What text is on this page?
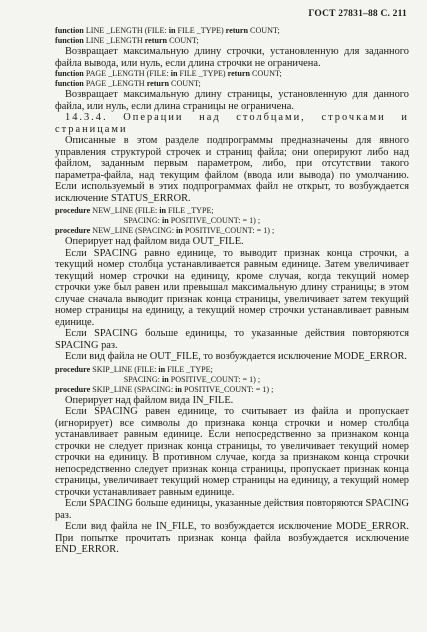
ГОСТ 27831–88 С. 211
function LINE _LENGTH (FILE: in FILE _TYPE) return COUNT;
function LINE _LENGTH return COUNT;

Возвращает максимальную длину строчки, установленную для заданного файла вывода, или нуль, если длина строчки не ограничена.

function PAGE _LENGTH (FILE: in FILE _TYPE) return COUNT;
function PAGE _LENGTH return COUNT;

Возвращает максимальную длину страницы, установленную для данного файла, или нуль, если длина страницы не ограничена.

14.3.4. Операции над столбцами, строчками и страницами

Описанные в этом разделе подпрограммы предназначены для явного управления структурой строчек и страниц файла; они оперируют либо над файлом, заданным первым параметром, либо, при отсутствии такого параметра-файла, над текущим файлом (ввода или вывода) по умолчанию. Если используемый в этих подпрограммах файл не открыт, то возбуждается исключение STATUS_ERROR.

procedure NEW_LINE (FILE: in FILE _TYPE;
SPACING: in POSITIVE_COUNT: = 1) ;
procedure NEW_LINE (SPACING: in POSITIVE_COUNT: = 1) ;

Оперирует над файлом вида OUT_FILE.

Если SPACING равно единице, то выводит признак конца строчки, а текущий номер столбца устанавливается равным единице. Затем увеличивает текущий номер строчки на единицу, кроме случая, когда текущий номер строчки уже был равен или превышал максимальную длину страницы; в этом случае сначала выводит признак конца страницы, увеличивает затем текущий номер страницы на единицу, а текущий номер строчки устанавливает равным единице.

Если SPACING больше единицы, то указанные действия повторяются SPACING раз.

Если вид файла не OUT_FILE, то возбуждается исключение MODE_ERROR.

procedure SKIP_LINE (FILE: in FILE _TYPE;
SPACING: in POSITIVE_COUNT: = 1) ;
procedure SKIP_LINE (SPACING: in POSITIVE_COUNT: = 1) ;

Оперирует над файлом вида IN_FILE.

Если SPACING равен единице, то считывает из файла и пропускает (игнорирует) все символы до признака конца строчки и номер столбца устанавливает равным единице. Если непосредственно за признаком конца строчки не следует признак конца страницы, то увеличивает текущий номер строчки на единицу. В противном случае, когда за признаком конца строчки непосредственно следует признак конца страницы, пропускает признак конца страницы, увеличивает текущий номер страницы на единицу, а текущий номер строчки устанавливает равным единице.

Если SPACING больше единицы, указанные действия повторяются SPACING раз.

Если вид файла не IN_FILE, то возбуждается исключение MODE_ERROR. При попытке прочитать признак конца файла возбуждается исключение END_ERROR.
